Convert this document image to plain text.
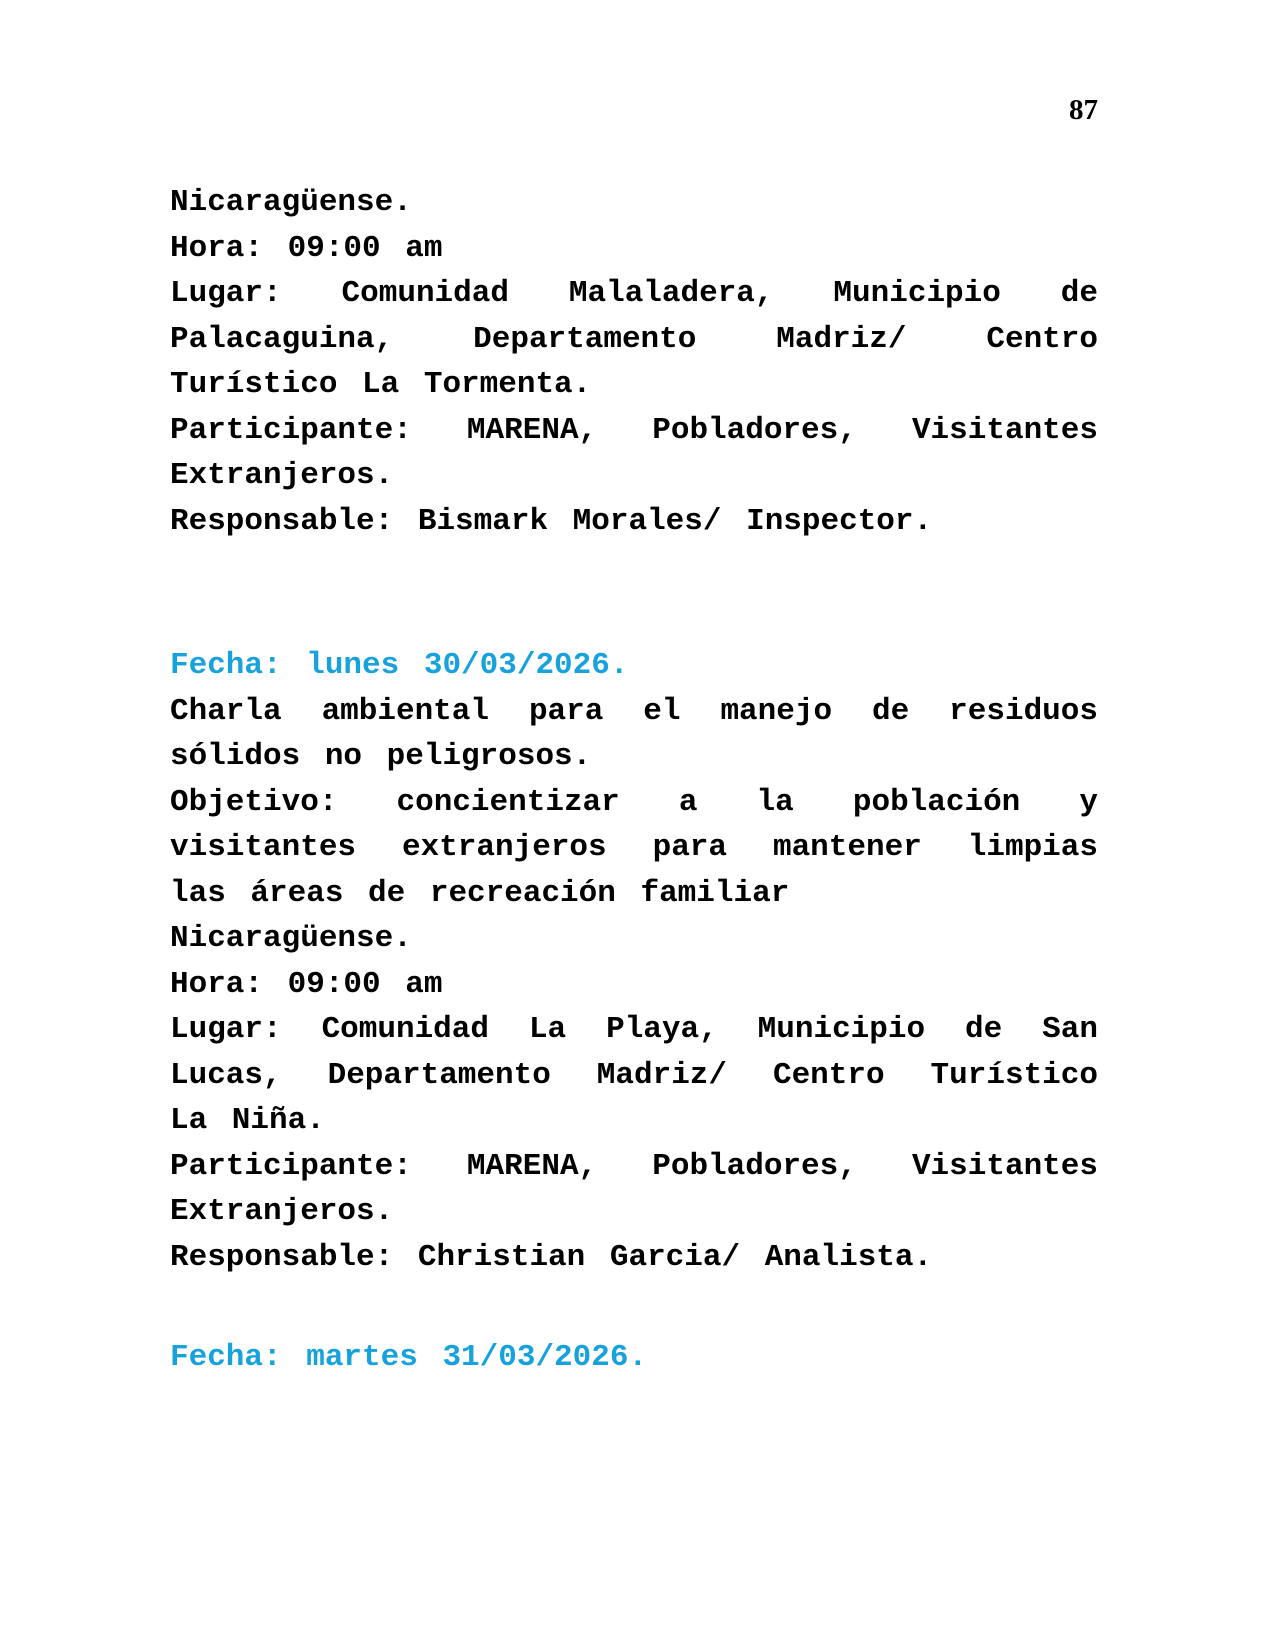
87
Nicaragüense.
Hora: 09:00 am
Lugar: Comunidad Malaladera, Municipio de
Palacaguina, Departamento Madriz/ Centro
Turístico La Tormenta.
Participante: MARENA, Pobladores, Visitantes
Extranjeros.
Responsable: Bismark Morales/ Inspector.
Fecha: lunes 30/03/2026.
Charla ambiental para el manejo de residuos
sólidos no peligrosos.
Objetivo: concientizar a la población y
visitantes extranjeros para mantener limpias
las áreas de recreación familiar
Nicaragüense.
Hora: 09:00 am
Lugar: Comunidad La Playa, Municipio de San
Lucas, Departamento Madriz/ Centro Turístico
La Niña.
Participante: MARENA, Pobladores, Visitantes
Extranjeros.
Responsable: Christian Garcia/ Analista.
Fecha: martes 31/03/2026.
